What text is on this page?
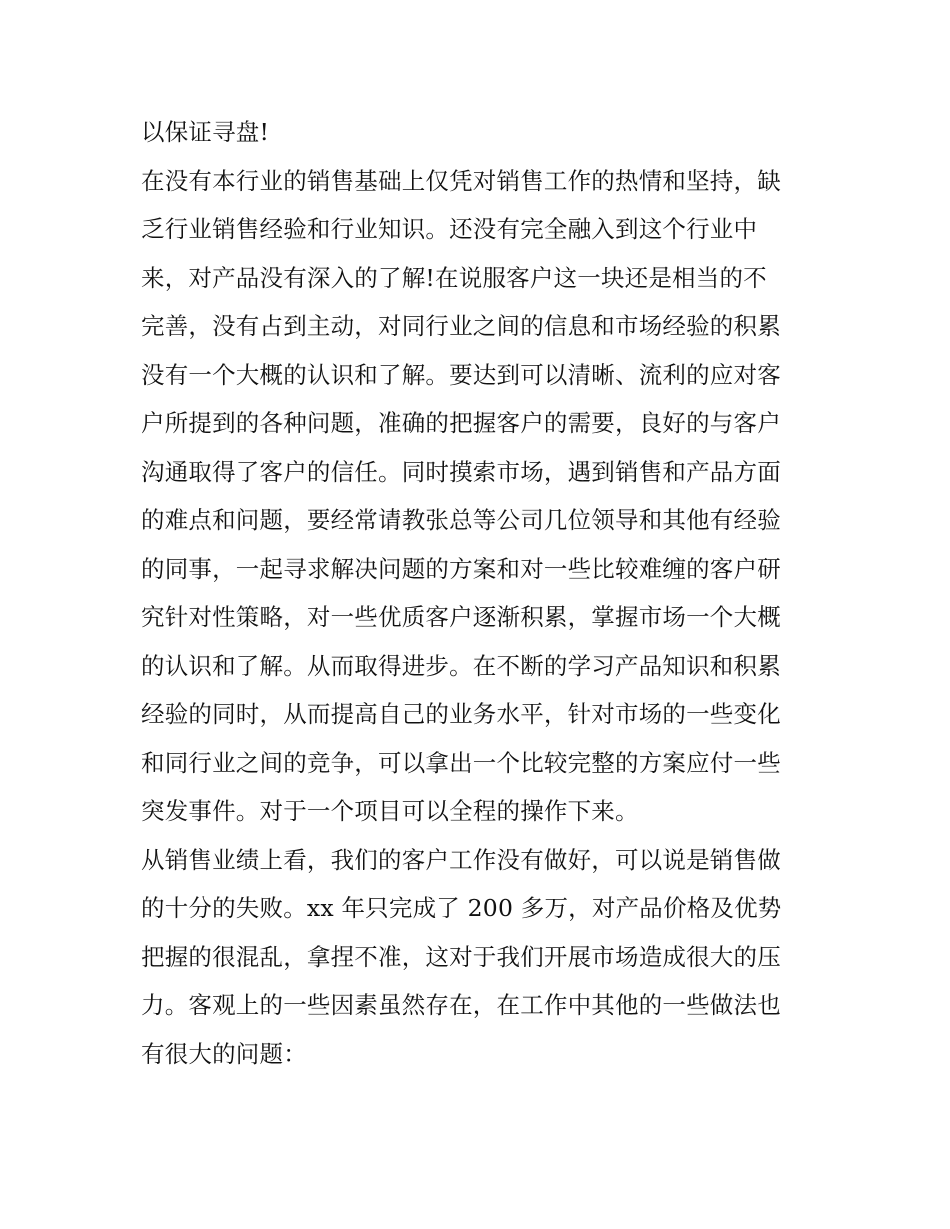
以保证寻盘!
在没有本行业的销售基础上仅凭对销售工作的热情和坚持，缺
乏行业销售经验和行业知识。还没有完全融入到这个行业中
来，对产品没有深入的了解!在说服客户这一块还是相当的不
完善，没有占到主动，对同行业之间的信息和市场经验的积累
没有一个大概的认识和了解。要达到可以清晰、流利的应对客
户所提到的各种问题，准确的把握客户的需要，良好的与客户
沟通取得了客户的信任。同时摸索市场，遇到销售和产品方面
的难点和问题，要经常请教张总等公司几位领导和其他有经验
的同事，一起寻求解决问题的方案和对一些比较难缠的客户研
究针对性策略，对一些优质客户逐渐积累，掌握市场一个大概
的认识和了解。从而取得进步。在不断的学习产品知识和积累
经验的同时，从而提高自己的业务水平，针对市场的一些变化
和同行业之间的竞争，可以拿出一个比较完整的方案应付一些
突发事件。对于一个项目可以全程的操作下来。
从销售业绩上看，我们的客户工作没有做好，可以说是销售做
的十分的失败。xx 年只完成了 200 多万，对产品价格及优势
把握的很混乱，拿捏不准，这对于我们开展市场造成很大的压
力。客观上的一些因素虽然存在，在工作中其他的一些做法也
有很大的问题：
